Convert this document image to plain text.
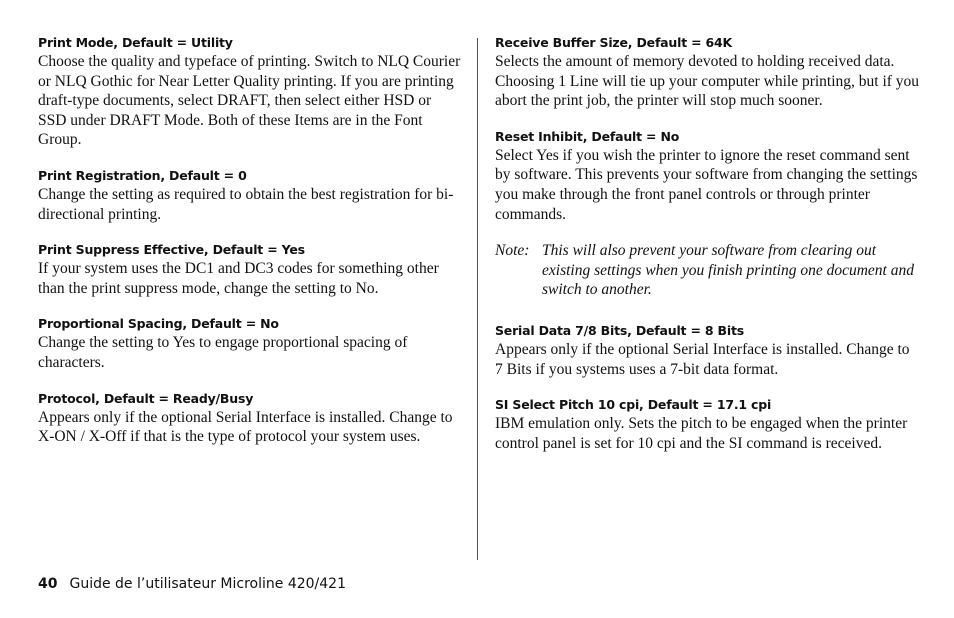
Print Mode, Default = Utility

Choose the quality and typeface of printing. Switch to NLQ Courier or NLQ Gothic for Near Letter Quality printing. If you are printing draft-type documents, select DRAFT, then select either HSD or SSD under DRAFT Mode. Both of these Items are in the Font Group.

Print Registration, Default = 0

Change the setting as required to obtain the best registration for bi-directional printing.

Print Suppress Effective, Default = Yes

If your system uses the DC1 and DC3 codes for something other than the print suppress mode, change the setting to No.

Proportional Spacing, Default = No

Change the setting to Yes to engage proportional spacing of characters.

Protocol, Default = Ready/Busy

Appears only if the optional Serial Interface is installed. Change to X-ON / X-Off if that is the type of protocol your system uses.

Receive Buffer Size, Default = 64K

Selects the amount of memory devoted to holding received data. Choosing 1 Line will tie up your computer while printing, but if you abort the print job, the printer will stop much sooner.

Reset Inhibit, Default = No

Select Yes if you wish the printer to ignore the reset command sent by software. This prevents your software from changing the settings you make through the front panel controls or through printer commands.

Note: This will also prevent your software from clearing out existing settings when you finish printing one document and switch to another.

Serial Data 7/8 Bits, Default = 8 Bits

Appears only if the optional Serial Interface is installed. Change to 7 Bits if you systems uses a 7-bit data format.

SI Select Pitch 10 cpi, Default = 17.1 cpi

IBM emulation only. Sets the pitch to be engaged when the printer control panel is set for 10 cpi and the SI command is received.

40 Guide de l’utilisateur Microline 420/421
